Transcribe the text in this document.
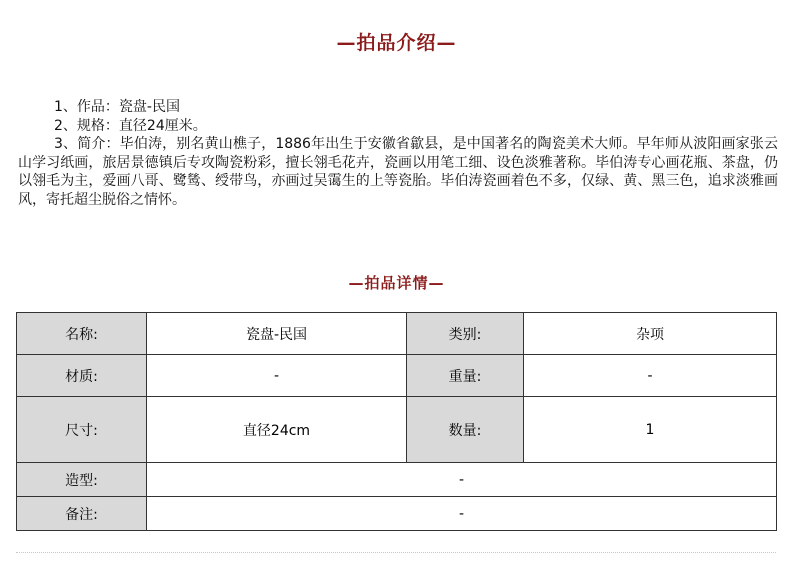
—拍品介绍—
1、作品：瓷盘-民国
2、规格：直径24厘米。
3、简介：毕伯涛，别名黄山樵子，1886年出生于安徽省歙县，是中国著名的陶瓷美术大师。早年师从波阳画家张云山学习纸画，旅居景德镇后专攻陶瓷粉彩，擅长翎毛花卉，瓷画以用笔工细、设色淡雅著称。毕伯涛专心画花瓶、茶盘，仍以翎毛为主，爱画八哥、鹭鸶、绶带鸟，亦画过吴霭生的上等瓷胎。毕伯涛瓷画着色不多，仅绿、黄、黑三色，追求淡雅画风，寄托超尘脱俗之情怀。
—拍品详情—
名称:	瓷盘-民国	类别:	杂项
材质:	-	重量:	-
尺寸:	直径24cm	数量:	1
造型:	-		
备注:	-		
